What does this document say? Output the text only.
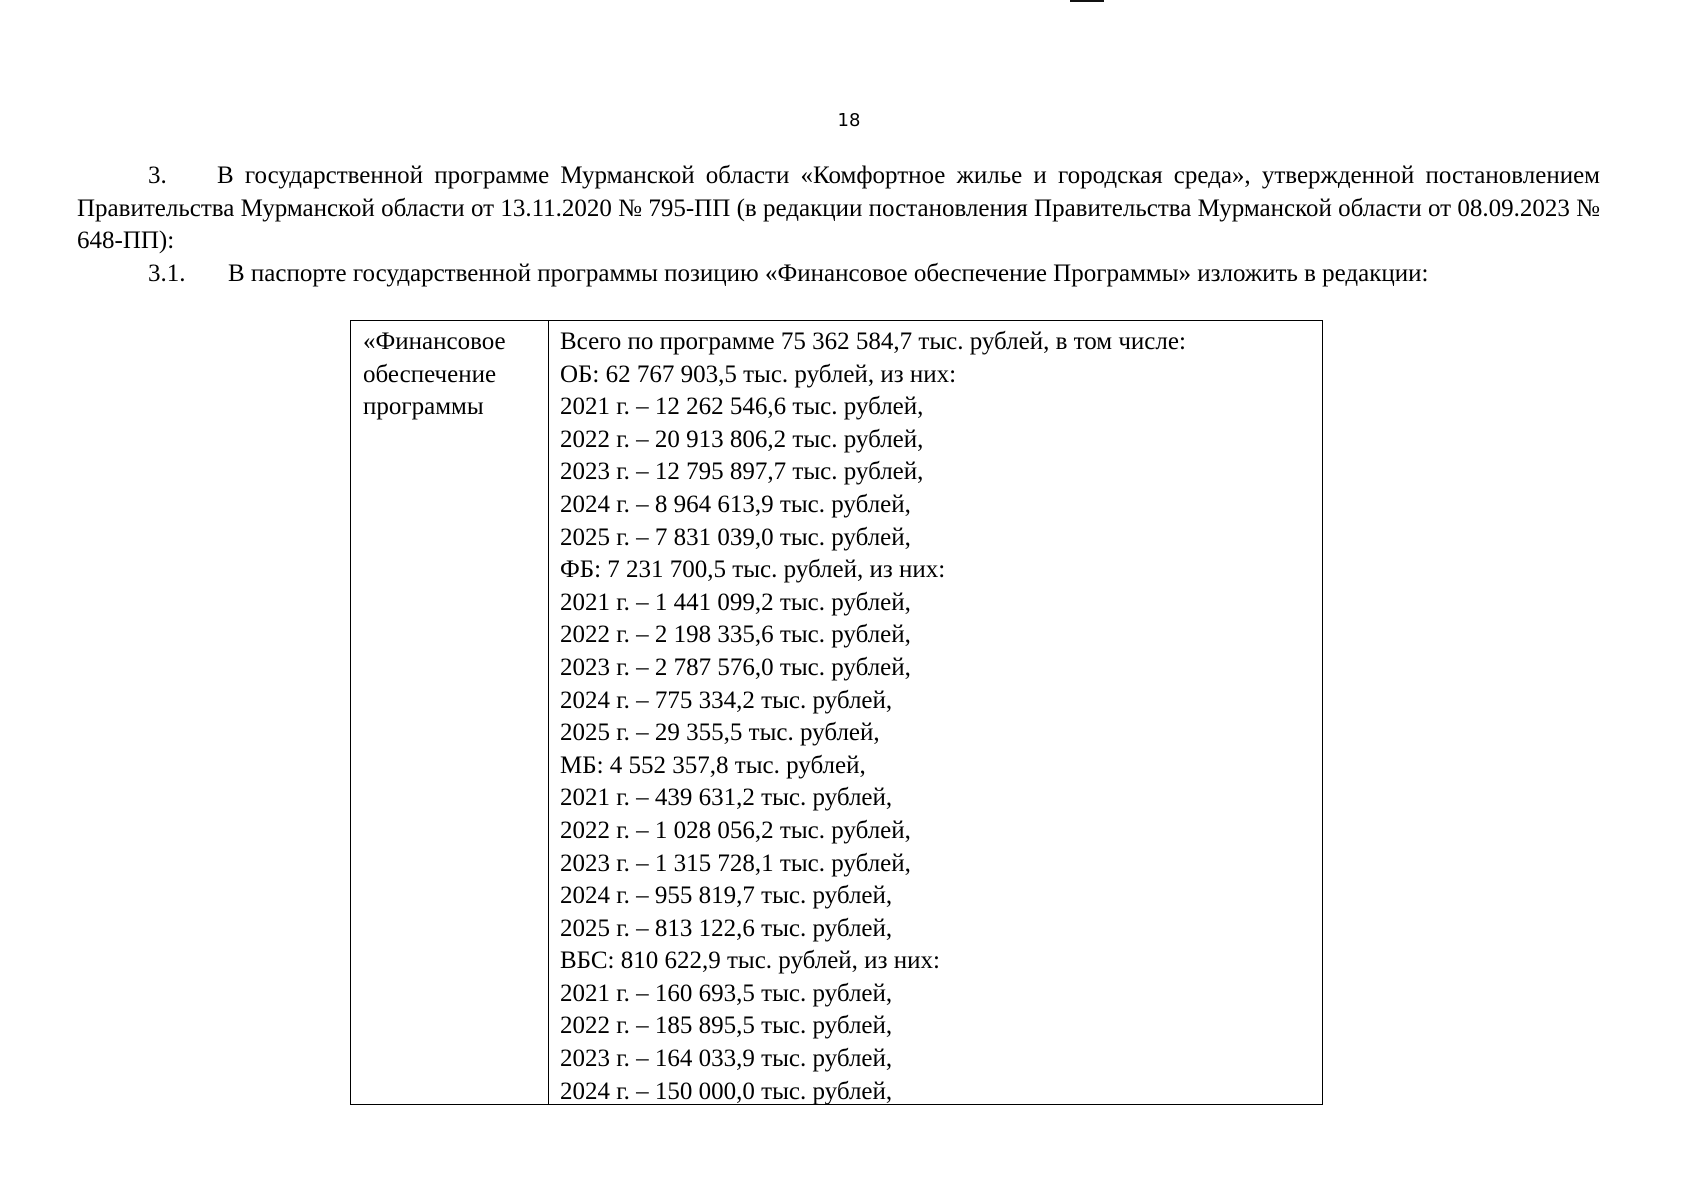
18
3. В государственной программе Мурманской области «Комфортное жилье и городская среда», утвержденной постановлением Правительства Мурманской области от 13.11.2020 № 795-ПП (в редакции постановления Правительства Мурманской области от 08.09.2023 № 648-ПП):
3.1. В паспорте государственной программы позицию «Финансовое обеспечение Программы» изложить в редакции:
«Финансовое
обеспечение
программы
Всего по программе 75 362 584,7 тыс. рублей, в том числе:
ОБ: 62 767 903,5 тыс. рублей, из них:
2021 г. – 12 262 546,6 тыс. рублей,
2022 г. – 20 913 806,2 тыс. рублей,
2023 г. – 12 795 897,7 тыс. рублей,
2024 г. – 8 964 613,9 тыс. рублей,
2025 г. – 7 831 039,0 тыс. рублей,
ФБ: 7 231 700,5 тыс. рублей, из них:
2021 г. – 1 441 099,2 тыс. рублей,
2022 г. – 2 198 335,6 тыс. рублей,
2023 г. – 2 787 576,0 тыс. рублей,
2024 г. – 775 334,2 тыс. рублей,
2025 г. – 29 355,5 тыс. рублей,
МБ: 4 552 357,8 тыс. рублей,
2021 г. – 439 631,2 тыс. рублей,
2022 г. – 1 028 056,2 тыс. рублей,
2023 г. – 1 315 728,1 тыс. рублей,
2024 г. – 955 819,7 тыс. рублей,
2025 г. – 813 122,6 тыс. рублей,
ВБС: 810 622,9 тыс. рублей, из них:
2021 г. – 160 693,5 тыс. рублей,
2022 г. – 185 895,5 тыс. рублей,
2023 г. – 164 033,9 тыс. рублей,
2024 г. – 150 000,0 тыс. рублей,
